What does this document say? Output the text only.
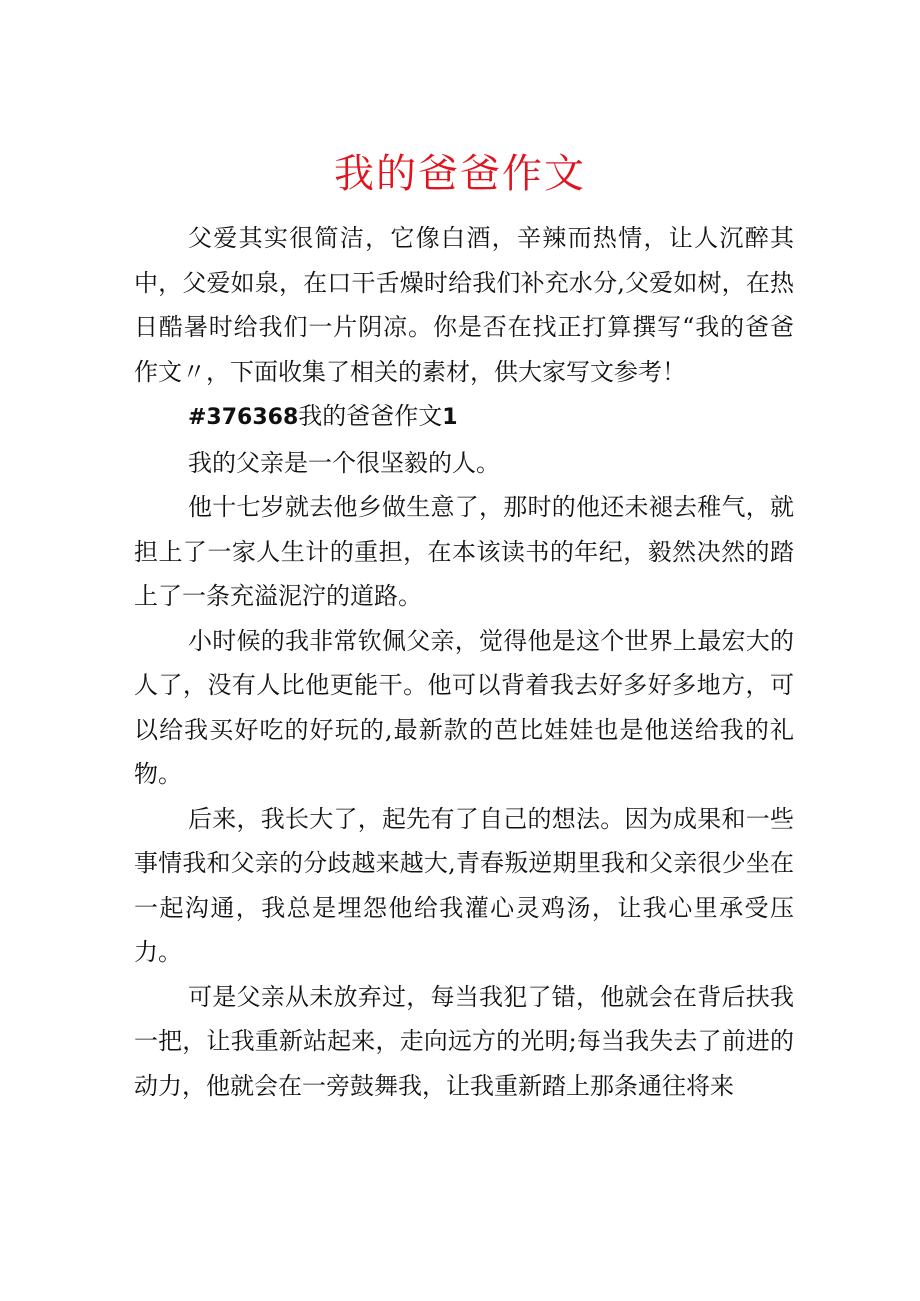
我的爸爸作文

父爱其实很简洁，它像白酒，辛辣而热情，让人沉醉其中，父爱如泉，在口干舌燥时给我们补充水分,父爱如树，在热日酷暑时给我们一片阴凉。你是否在找正打算撰写“我的爸爸作文〃，下面收集了相关的素材，供大家写文参考！

#376368我的爸爸作文1

我的父亲是一个很坚毅的人。

他十七岁就去他乡做生意了，那时的他还未褪去稚气，就担上了一家人生计的重担，在本该读书的年纪，毅然决然的踏上了一条充溢泥泞的道路。

小时候的我非常钦佩父亲，觉得他是这个世界上最宏大的人了，没有人比他更能干。他可以背着我去好多好多地方，可以给我买好吃的好玩的,最新款的芭比娃娃也是他送给我的礼物。

后来，我长大了，起先有了自己的想法。因为成果和一些事情我和父亲的分歧越来越大,青春叛逆期里我和父亲很少坐在一起沟通，我总是埋怨他给我灌心灵鸡汤，让我心里承受压力。

可是父亲从未放弃过，每当我犯了错，他就会在背后扶我一把，让我重新站起来，走向远方的光明;每当我失去了前进的动力，他就会在一旁鼓舞我，让我重新踏上那条通往将来
